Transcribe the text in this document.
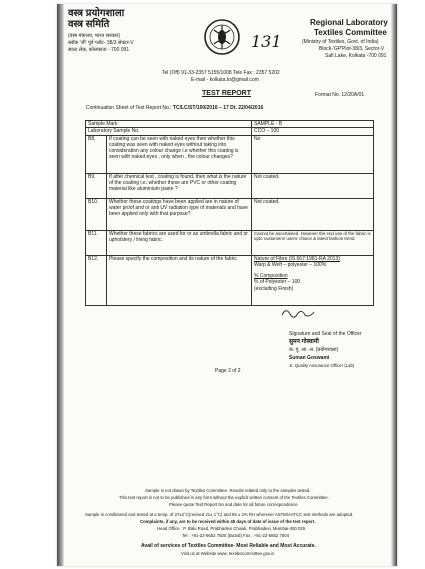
वस्त्र प्रयोगशाला
वस्त्र समिति
(वस्त्र मंत्रालय, भारत सरकार)
ब्लॉक 'जी' पूर्व प्लॉट- 38/3 सेक्टर-V
साल्ट लेक, कोलकाता - 700 091	131
Regional Laboratory
Textiles Committee
(Ministry of Textiles, Govt. of India)
Block-'GP'Plot-38/3, Sector-V
Salt Lake, Kolkata -700 091
Tel (Off) 91-33-2357 5155/1008 Tele Fax : 2357 5202
E-mail - kolkata.to@gmail.com
TEST REPORT	Format No. 12/20A/01
Continuation Sheet of Test Report No.: TC/LC/ST/100/2016 – 17 Dt. 22/04/2016
Sample Mark		SAMPLE - B
Laboratory Sample No.		CCO – 100
B8.	If coating can be seen with naked eyes then whether this coating was seen with naked eyes without taking into consideration any colour change i.e whether this coating is seen with naked eyes , only when , the colour changes?	No
B9.	If after chemical test , coating is found, then what is the nature of the coating i.e. whether these are PVC or other coating material like aluminium paste ?	Not coated.
B10.	Whether these coatings have been applied are in nature of water proof and or anti UV radiation type of materials and have been applied only with that purpose?	Not coated.
B11.	Whether these fabrics are used for or as umbrella fabric and or upholstery / lining fabric.	Cannot be ascertained. However the end use of the fabric is upto customers/ users' choice & latest fashion trend.
B12.	Please specify the composition and its nature of the fabric	Nature of Fibre (IS 667:1981-RA 2013)
Warp & Weft – polyester – 100%
% Composition
% of Polyester – 100
(excluding Finish)
Signature and Seal of the Officer
सुमन गोस्वामी
क. गु. आ. अ. (प्रयोगशाला)
Suman Goswami
Jr. Quality Assurance Officer (Lab)
Page 2 of 2
Sample is not drawn by Textiles Committee. Results related only to the samples tested.
This test report is not to be published in any form without the explicit written consent of the Textiles Committee.
Please quote Test Report No and date for all future correspondence
Sample is conditioned and tested at a temp. of 27±2°C(revised 21± 1°C) and 65 ± 2% RH wherever ASTM/AATCC test methods are adopted.
Complaints, if any, are to be received within 45 days of date of issue of the test report.
Head Office : P. Balu Road, Prabhadevi Chowk, Prabhadevi, Mumbai-400 025
Tel : +91-22-6652 7500 (Board) Fax : +91-22-6652 7504
Avail of services of Textiles Committee- Most Reliable and Most Accurate.
Visit us at Website www. textilescommittee.gov.in
